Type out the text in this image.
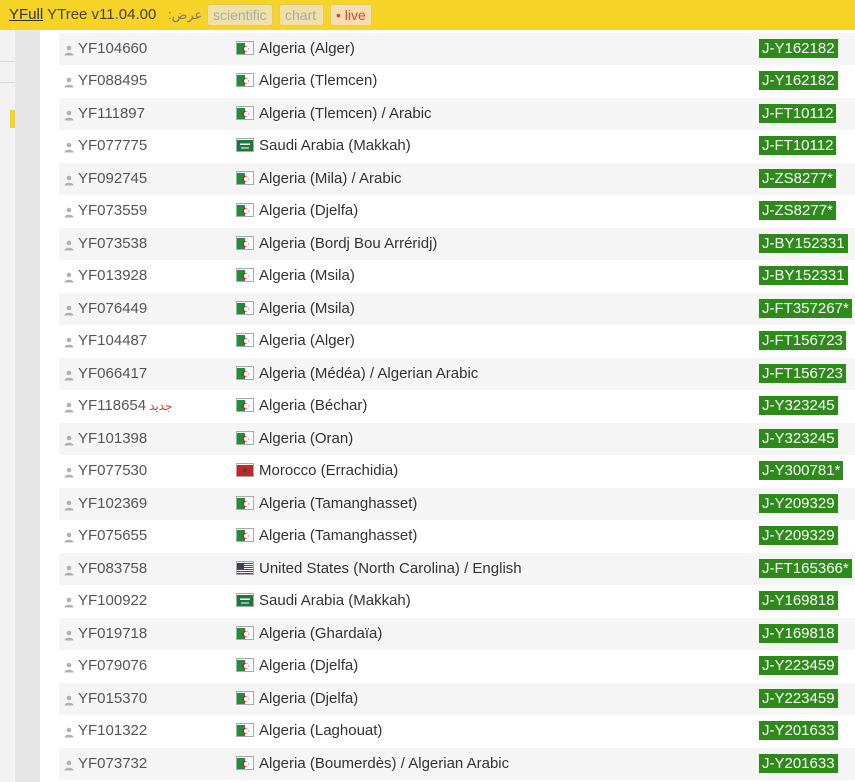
YF104660	Algeria (Alger)	J-Y162182
YF088495	Algeria (Tlemcen)	J-Y162182
YF111897	Algeria (Tlemcen) / Arabic	J-FT10112
YF077775	Saudi Arabia (Makkah)	J-FT10112
YF092745	Algeria (Mila) / Arabic	J-ZS8277*
YF073559	Algeria (Djelfa)	J-ZS8277*
YF073538	Algeria (Bordj Bou Arréridj)	J-BY152331
YF013928	Algeria (Msila)	J-BY152331
YF076449	Algeria (Msila)	J-FT357267*
YF104487	Algeria (Alger)	J-FT156723
YF066417	Algeria (Médéa) / Algerian Arabic	J-FT156723
YF118654 جديد	Algeria (Béchar)	J-Y323245
YF101398	Algeria (Oran)	J-Y323245
YF077530	Morocco (Errachidia)	J-Y300781*
YF102369	Algeria (Tamanghasset)	J-Y209329
YF075655	Algeria (Tamanghasset)	J-Y209329
YF083758	United States (North Carolina) / English	J-FT165366*
YF100922	Saudi Arabia (Makkah)	J-Y169818
YF019718	Algeria (Ghardaïa)	J-Y169818
YF079076	Algeria (Djelfa)	J-Y223459
YF015370	Algeria (Djelfa)	J-Y223459
YF101322	Algeria (Laghouat)	J-Y201633
YF073732	Algeria (Boumerdès) / Algerian Arabic	J-Y201633
YFull YTree v11.04.00 عرض: scientific	chart	• live
